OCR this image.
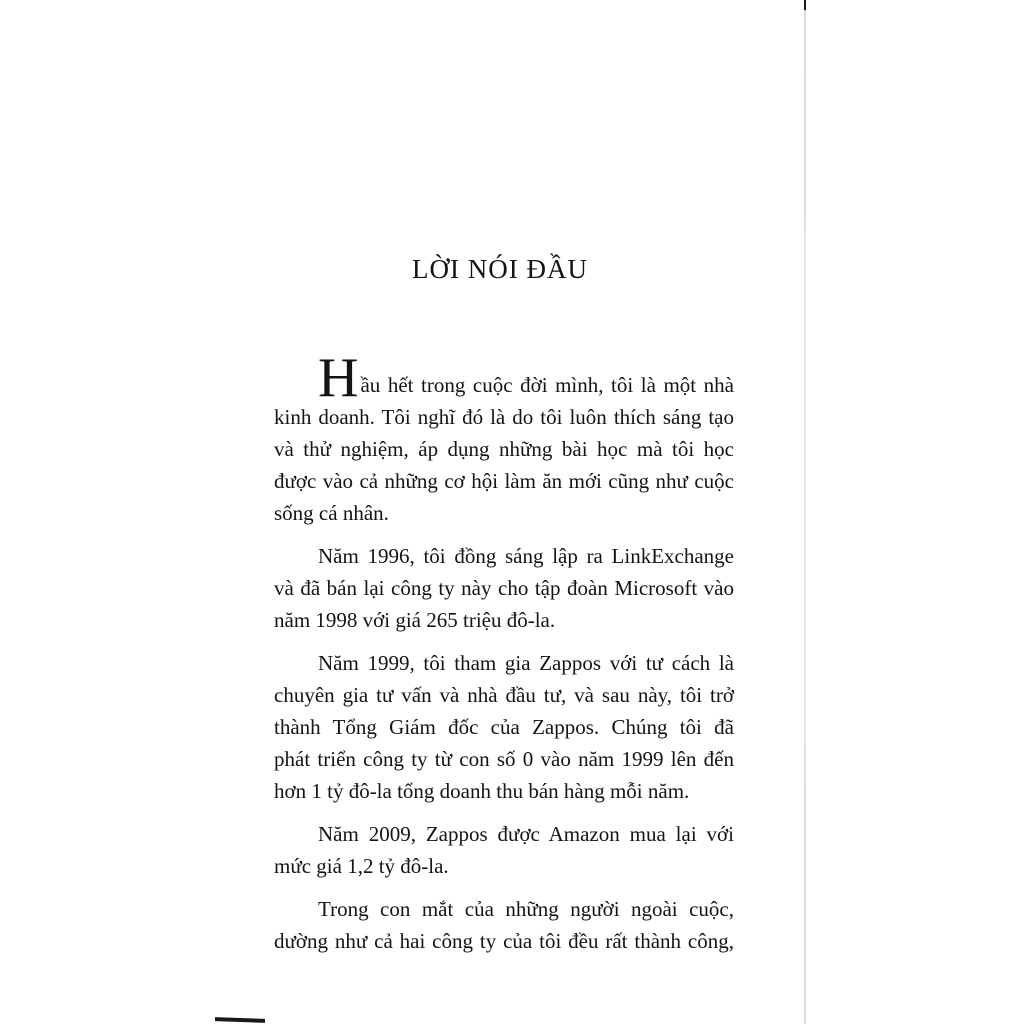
LỜI NÓI ĐẦU
Hầu hết trong cuộc đời mình, tôi là một nhà
kinh doanh. Tôi nghĩ đó là do tôi luôn thích sáng tạo
và thử nghiệm, áp dụng những bài học mà tôi học
được vào cả những cơ hội làm ăn mới cũng như cuộc
sống cá nhân.
Năm 1996, tôi đồng sáng lập ra LinkExchange
và đã bán lại công ty này cho tập đoàn Microsoft vào
năm 1998 với giá 265 triệu đô-la.
Năm 1999, tôi tham gia Zappos với tư cách là
chuyên gia tư vấn và nhà đầu tư, và sau này, tôi trở
thành Tổng Giám đốc của Zappos. Chúng tôi đã
phát triển công ty từ con số 0 vào năm 1999 lên đến
hơn 1 tỷ đô-la tổng doanh thu bán hàng mỗi năm.
Năm 2009, Zappos được Amazon mua lại với
mức giá 1,2 tỷ đô-la.
Trong con mắt của những người ngoài cuộc,
dường như cả hai công ty của tôi đều rất thành công,
